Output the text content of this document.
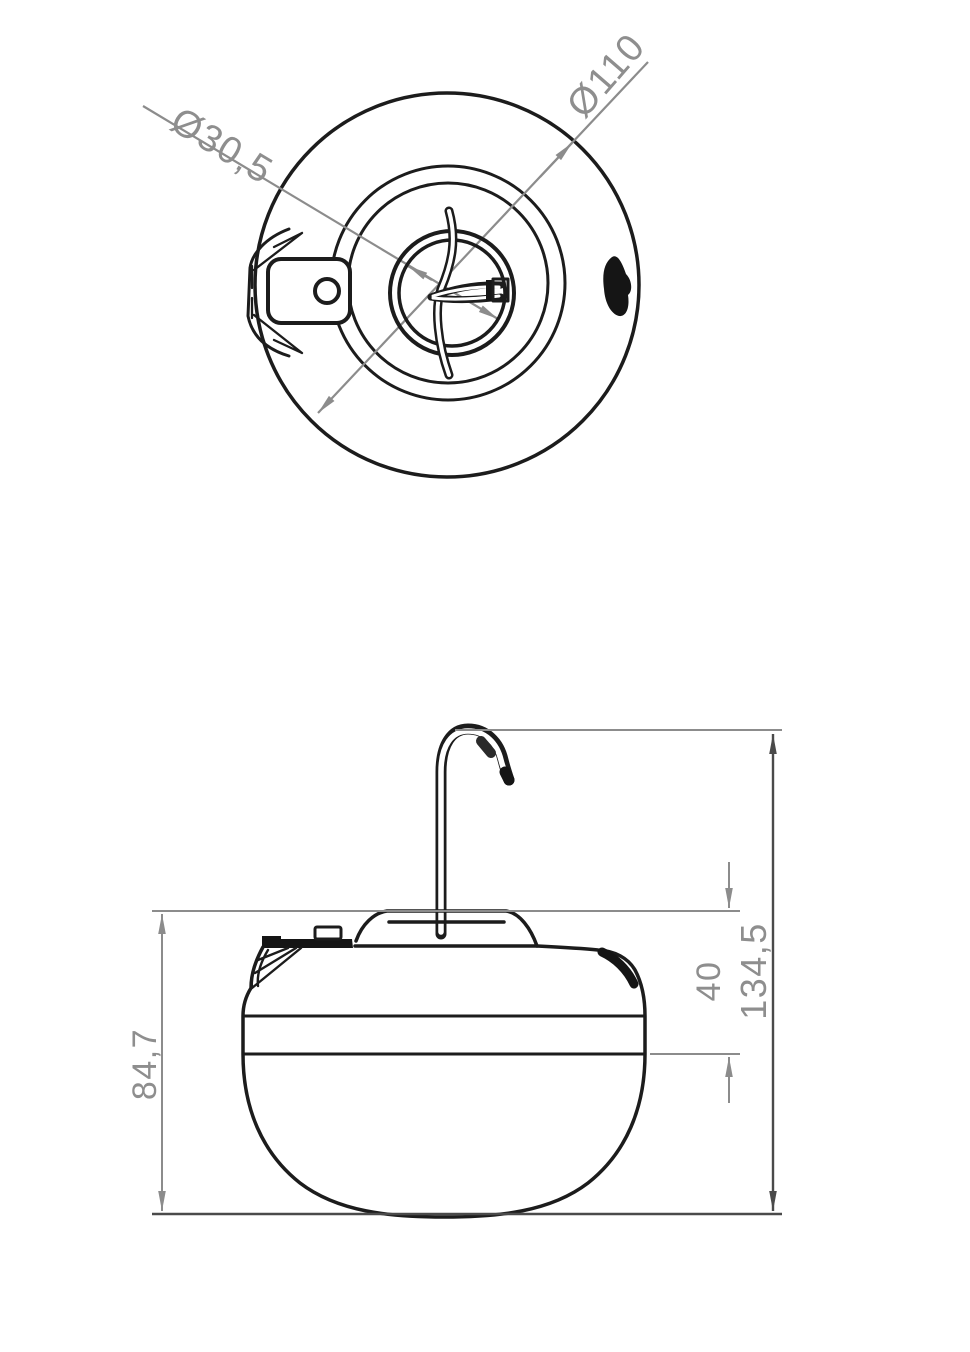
Ø30,5
Ø110
84,7
40 134,5
